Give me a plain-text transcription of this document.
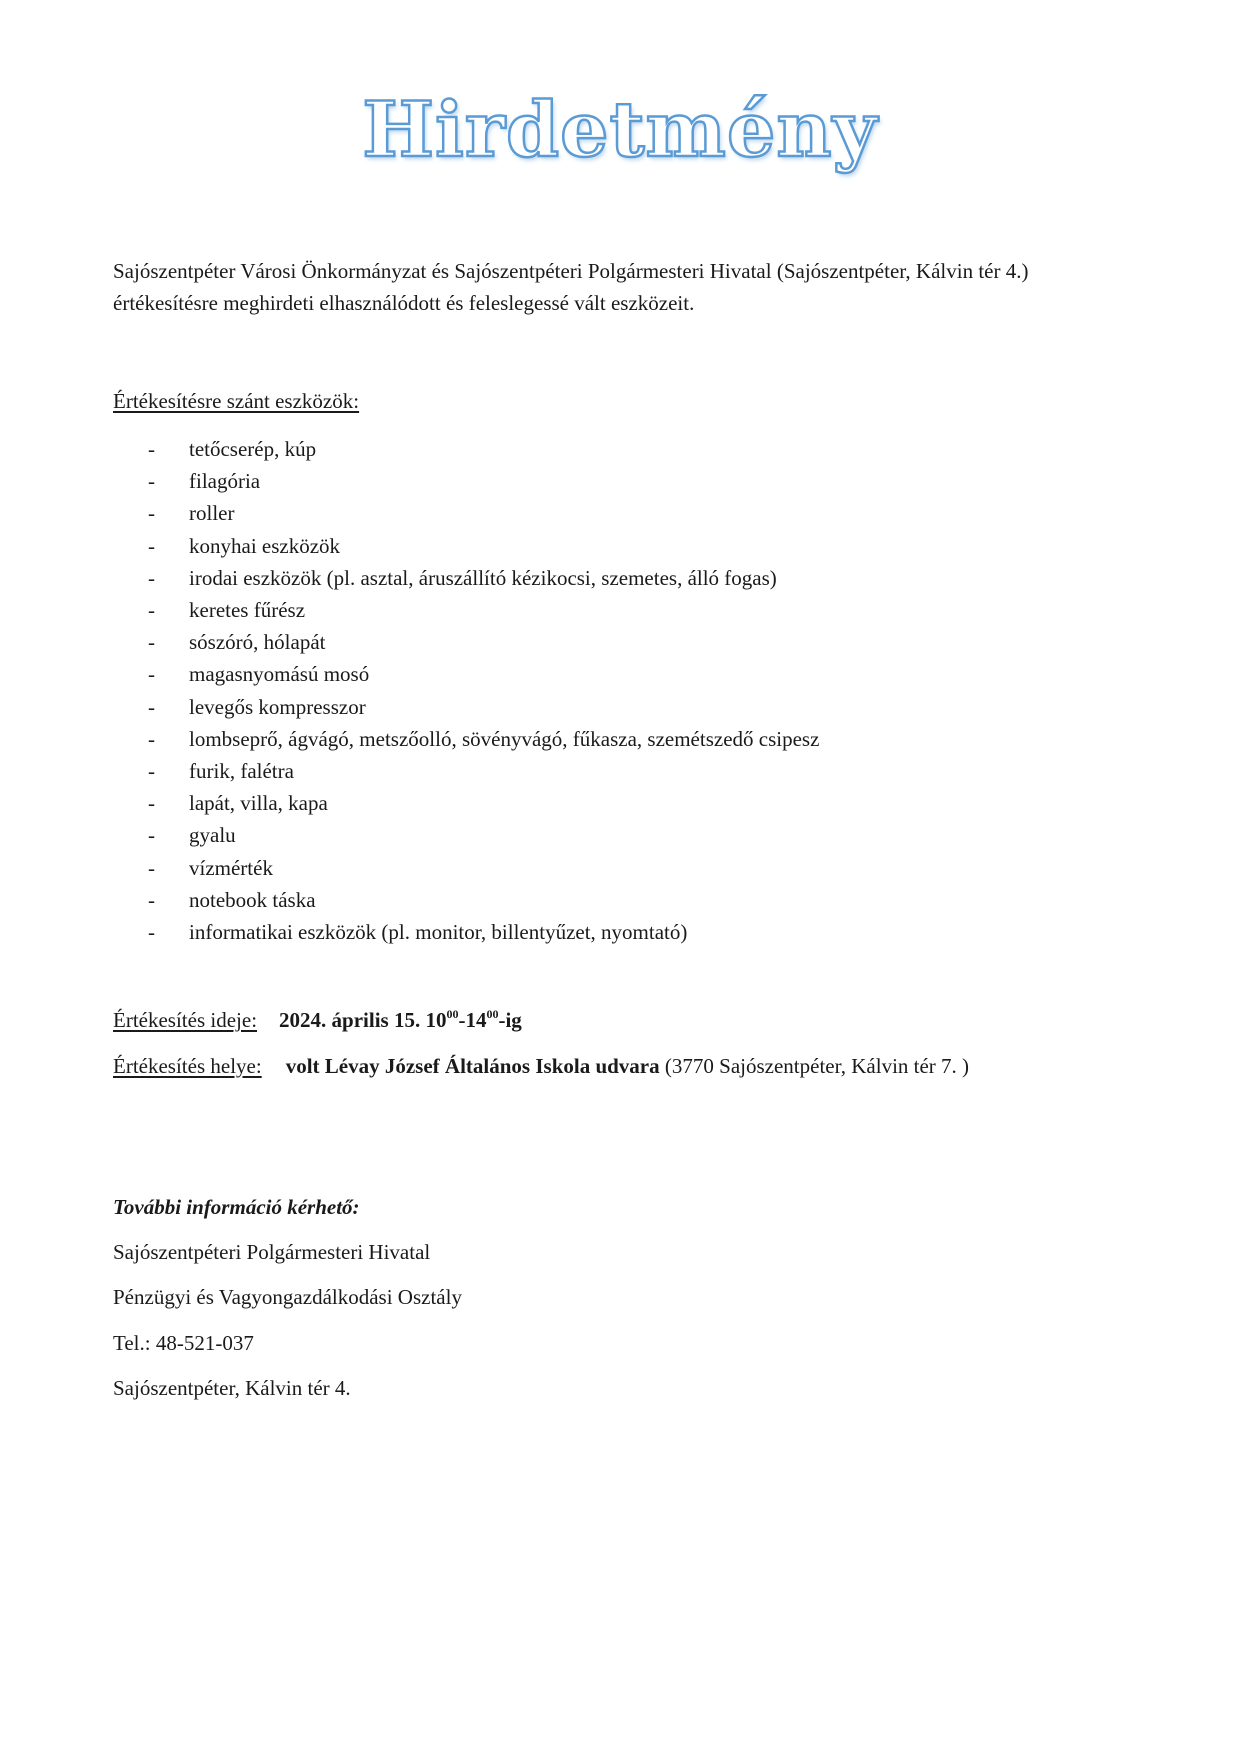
Hirdetmény
Sajószentpéter Városi Önkormányzat és Sajószentpéteri Polgármesteri Hivatal (Sajószentpéter, Kálvin tér 4.) értékesítésre meghirdeti elhasználódott és feleslegessé vált eszközeit.
Értékesítésre szánt eszközök:
- tetőcserép, kúp
- filagória
- roller
- konyhai eszközök
- irodai eszközök (pl. asztal, áruszállító kézikocsi, szemetes, álló fogas)
- keretes fűrész
- sószóró, hólapát
- magasnyomású mosó
- levegős kompresszor
- lombseprő, ágvágó, metszőolló, sövényvágó, fűkasza, szemétszedő csipesz
- furik, falétra
- lapát, villa, kapa
- gyalu
- vízmérték
- notebook táska
- informatikai eszközök (pl. monitor, billentyűzet, nyomtató)
Értékesítés ideje: 2024. április 15. $10^{00}-14^{00}-ig$
Értékesítés helye: volt Lévay József Általános Iskola udvara (3770 Sajószentpéter, Kálvin tér 7. )
További információ kérhető:
Sajószentpéteri Polgármesteri Hivatal
Pénzügyi és Vagyongazdálkodási Osztály
Tel.: 48-521-037
Sajószentpéter, Kálvin tér 4.
